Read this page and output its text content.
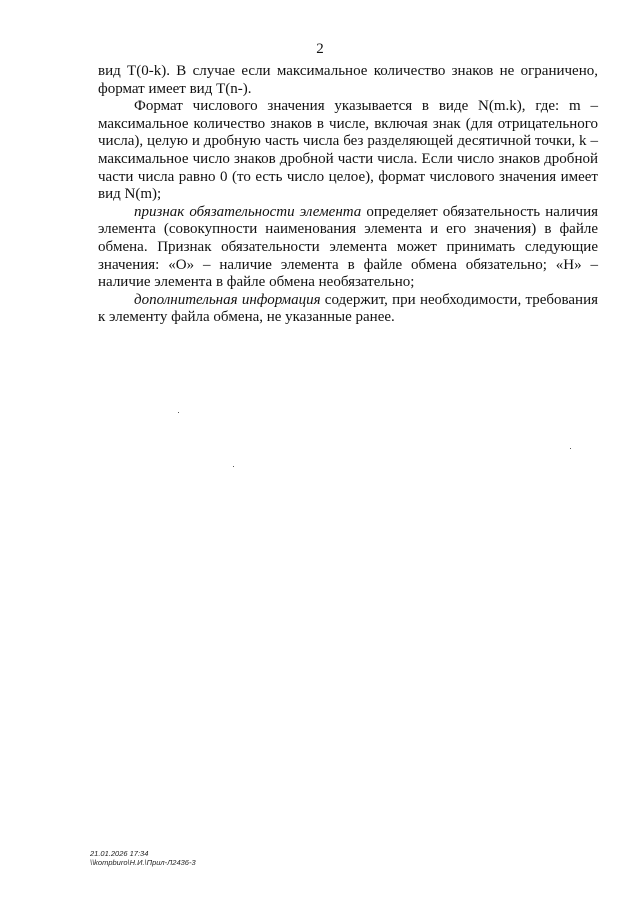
2

вид T(0-k). В случае если максимальное количество знаков не ограничено, формат имеет вид T(n-).

Формат числового значения указывается в виде N(m.k), где: m – максимальное количество знаков в числе, включая знак (для отрицательного числа), целую и дробную часть числа без разделяющей десятичной точки, k – максимальное число знаков дробной части числа. Если число знаков дробной части числа равно 0 (то есть число целое), формат числового значения имеет вид N(m);

признак обязательности элемента определяет обязательность наличия элемента (совокупности наименования элемента и его значения) в файле обмена. Признак обязательности элемента может принимать следующие значения: «О» – наличие элемента в файле обмена обязательно; «Н» – наличие элемента в файле обмена необязательно;

дополнительная информация содержит, при необходимости, требования к элементу файла обмена, не указанные ранее.

21.01.2026 17:34
\\kompburo\Н.И.\Прил-Л2436-3
